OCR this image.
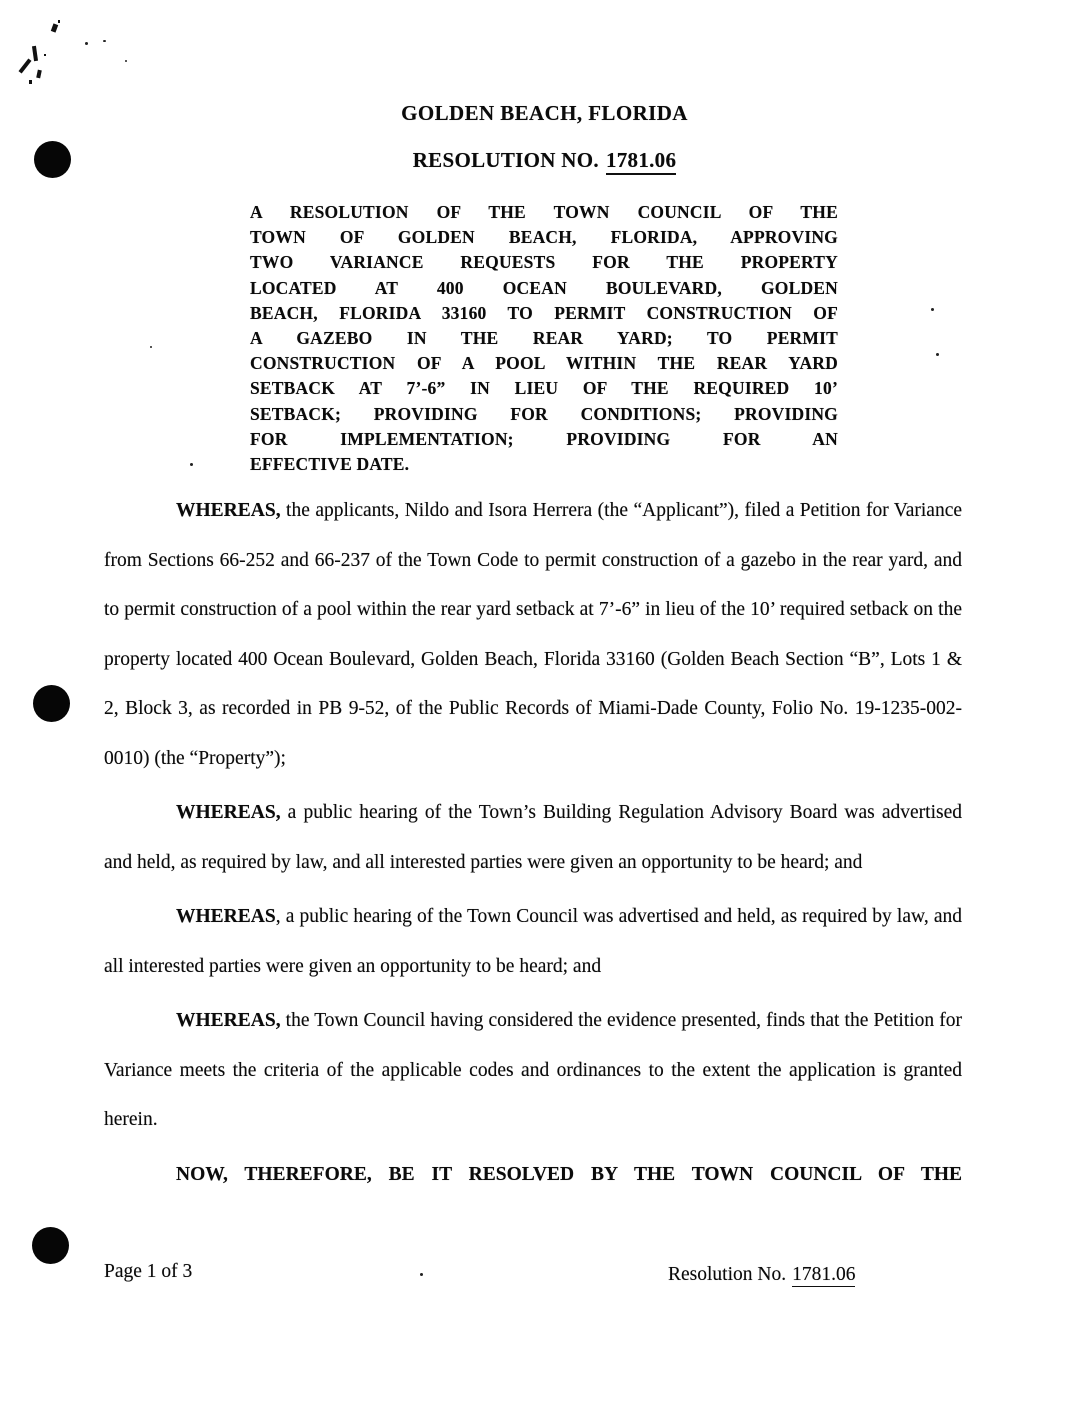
GOLDEN BEACH, FLORIDA
RESOLUTION NO. 1781.06
A RESOLUTION OF THE TOWN COUNCIL OF THE
TOWN OF GOLDEN BEACH, FLORIDA, APPROVING
TWO VARIANCE REQUESTS FOR THE PROPERTY
LOCATED AT 400 OCEAN BOULEVARD, GOLDEN
BEACH, FLORIDA 33160 TO PERMIT CONSTRUCTION OF
A GAZEBO IN THE REAR YARD; TO PERMIT
CONSTRUCTION OF A POOL WITHIN THE REAR YARD
SETBACK AT 7’-6” IN LIEU OF THE REQUIRED 10’
SETBACK; PROVIDING FOR CONDITIONS; PROVIDING
FOR IMPLEMENTATION; PROVIDING FOR AN
EFFECTIVE DATE.

WHEREAS, the applicants, Nildo and Isora Herrera (the “Applicant”), filed a Petition for Variance from Sections 66-252 and 66-237 of the Town Code to permit construction of a gazebo in the rear yard, and to permit construction of a pool within the rear yard setback at 7’-6” in lieu of the 10’ required setback on the property located 400 Ocean Boulevard, Golden Beach, Florida 33160 (Golden Beach Section “B”, Lots 1 & 2, Block 3, as recorded in PB 9-52, of the Public Records of Miami-Dade County, Folio No. 19-1235-002-0010) (the “Property”);

WHEREAS, a public hearing of the Town’s Building Regulation Advisory Board was advertised and held, as required by law, and all interested parties were given an opportunity to be heard; and

WHEREAS, a public hearing of the Town Council was advertised and held, as required by law, and all interested parties were given an opportunity to be heard; and

WHEREAS, the Town Council having considered the evidence presented, finds that the Petition for Variance meets the criteria of the applicable codes and ordinances to the extent the application is granted herein.

NOW, THEREFORE, BE IT RESOLVED BY THE TOWN COUNCIL OF THE

Page 1 of 3	Resolution No. 1781.06
